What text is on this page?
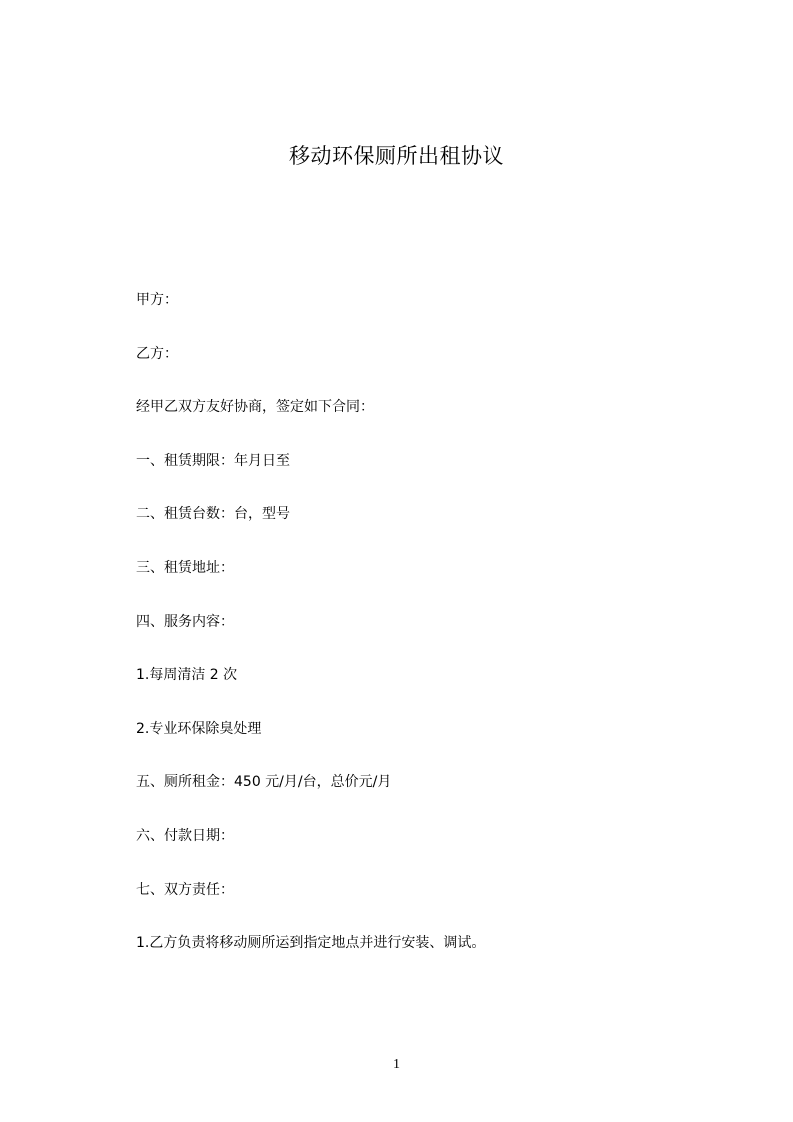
移动环保厕所出租协议
甲方：
乙方：
经甲乙双方友好协商，签定如下合同：
一、租赁期限：年月日至
二、租赁台数：台，型号
三、租赁地址：
四、服务内容：
1.每周清洁 2 次
2.专业环保除臭处理
五、厕所租金：450 元/月/台，总价元/月
六、付款日期：
七、双方责任：
1.乙方负责将移动厕所运到指定地点并进行安装、调试。
1
